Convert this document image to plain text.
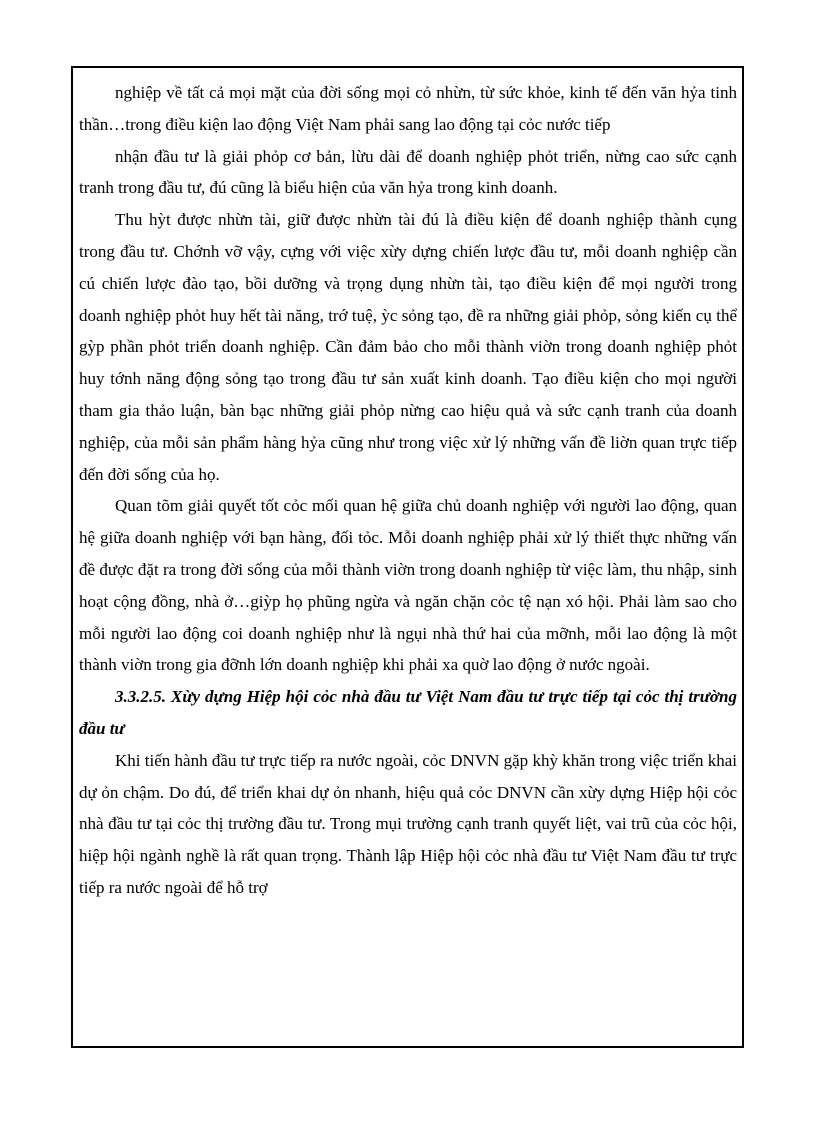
nghiệp về tất cả mọi mặt của đời sống mọi cỏ nhừn, từ sức khỏe, kinh tế đến văn hỷa tinh thần…trong điều kiện lao động Việt Nam phải sang lao động tại cỏc nước tiếp

nhận đầu tư là giải phỏp cơ bản, lừu dài để doanh nghiệp phỏt triển, nừng cao sức cạnh tranh trong đầu tư, đú cũng là biểu hiện của văn hỷa trong kinh doanh.

Thu hỳt được nhừn tài, giữ được nhừn tài đú là điều kiện để doanh nghiệp thành cụng trong đầu tư. Chớnh vỡ vậy, cựng với việc xừy dựng chiến lược đầu tư, mỗi doanh nghiệp cần cú chiến lược đào tạo, bồi dưỡng và trọng dụng nhừn tài, tạo điều kiện để mọi người trong doanh nghiệp phỏt huy hết tài năng, trớ tuệ, ỳc sỏng tạo, đề ra những giải phỏp, sỏng kiến cụ thể gỳp phần phỏt triển doanh nghiệp. Cần đảm bảo cho mỗi thành viờn trong doanh nghiệp phỏt huy tớnh năng động sỏng tạo trong đầu tư sản xuất kinh doanh. Tạo điều kiện cho mọi người tham gia thảo luận, bàn bạc những giải phỏp nừng cao hiệu quả và sức cạnh tranh của doanh nghiệp, của mỗi sản phẩm hàng hỷa cũng như trong việc xử lý những vấn đề liờn quan trực tiếp đến đời sống của họ.

Quan tõm giải quyết tốt cỏc mối quan hệ giữa chủ doanh nghiệp với người lao động, quan hệ giữa doanh nghiệp với bạn hàng, đối tỏc. Mỗi doanh nghiệp phải xử lý thiết thực những vấn đề được đặt ra trong đời sống của mỗi thành viờn trong doanh nghiệp từ việc làm, thu nhập, sinh hoạt cộng đồng, nhà ở…giỳp họ phũng ngừa và ngăn chặn cỏc tệ nạn xó hội. Phải làm sao cho mỗi người lao động coi doanh nghiệp như là ngụi nhà thứ hai của mỡnh, mỗi lao động là một thành viờn trong gia đỡnh lớn doanh nghiệp khi phải xa quờ lao động ở nước ngoài.

3.3.2.5. Xừy dựng Hiệp hội cỏc nhà đầu tư Việt Nam đầu tư trực tiếp tại cỏc thị trường đầu tư

Khi tiến hành đầu tư trực tiếp ra nước ngoài, cỏc DNVN gặp khỳ khăn trong việc triển khai dự ỏn chậm. Do đú, để triển khai dự ỏn nhanh, hiệu quả cỏc DNVN cần xừy dựng Hiệp hội cỏc nhà đầu tư tại cỏc thị trường đầu tư. Trong mụi trường cạnh tranh quyết liệt, vai trũ của cỏc hội, hiệp hội ngành nghề là rất quan trọng. Thành lập Hiệp hội cỏc nhà đầu tư Việt Nam đầu tư trực tiếp ra nước ngoài để hỗ trợ
